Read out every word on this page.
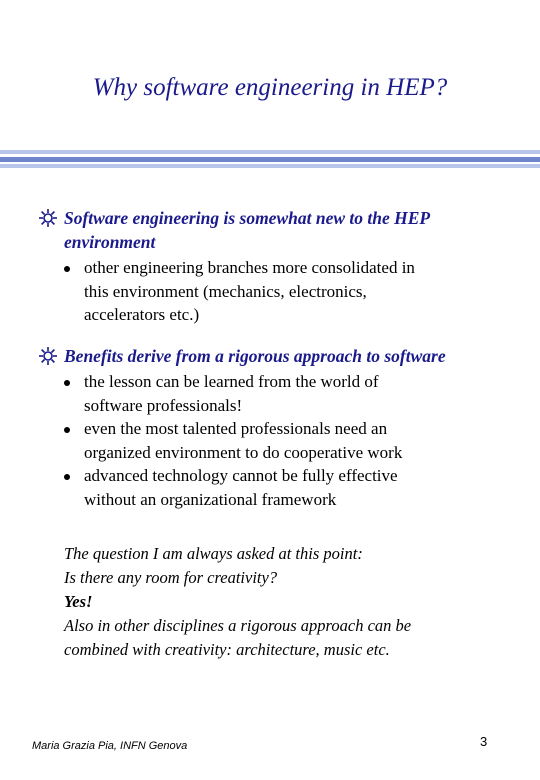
Why software engineering in HEP?
Software engineering is somewhat new to the HEP
environment
other engineering branches more consolidated in
this environment (mechanics, electronics,
accelerators etc.)
Benefits derive from a rigorous approach to software
the lesson can be learned from the world of
software professionals!
even the most talented professionals need an
organized environment to do cooperative work
advanced technology cannot be fully effective
without an organizational framework
The question I am always asked at this point:
Is there any room for creativity?
Yes!
Also in other disciplines a rigorous approach can be
combined with creativity: architecture, music etc.
Maria Grazia Pia, INFN Genova	3
